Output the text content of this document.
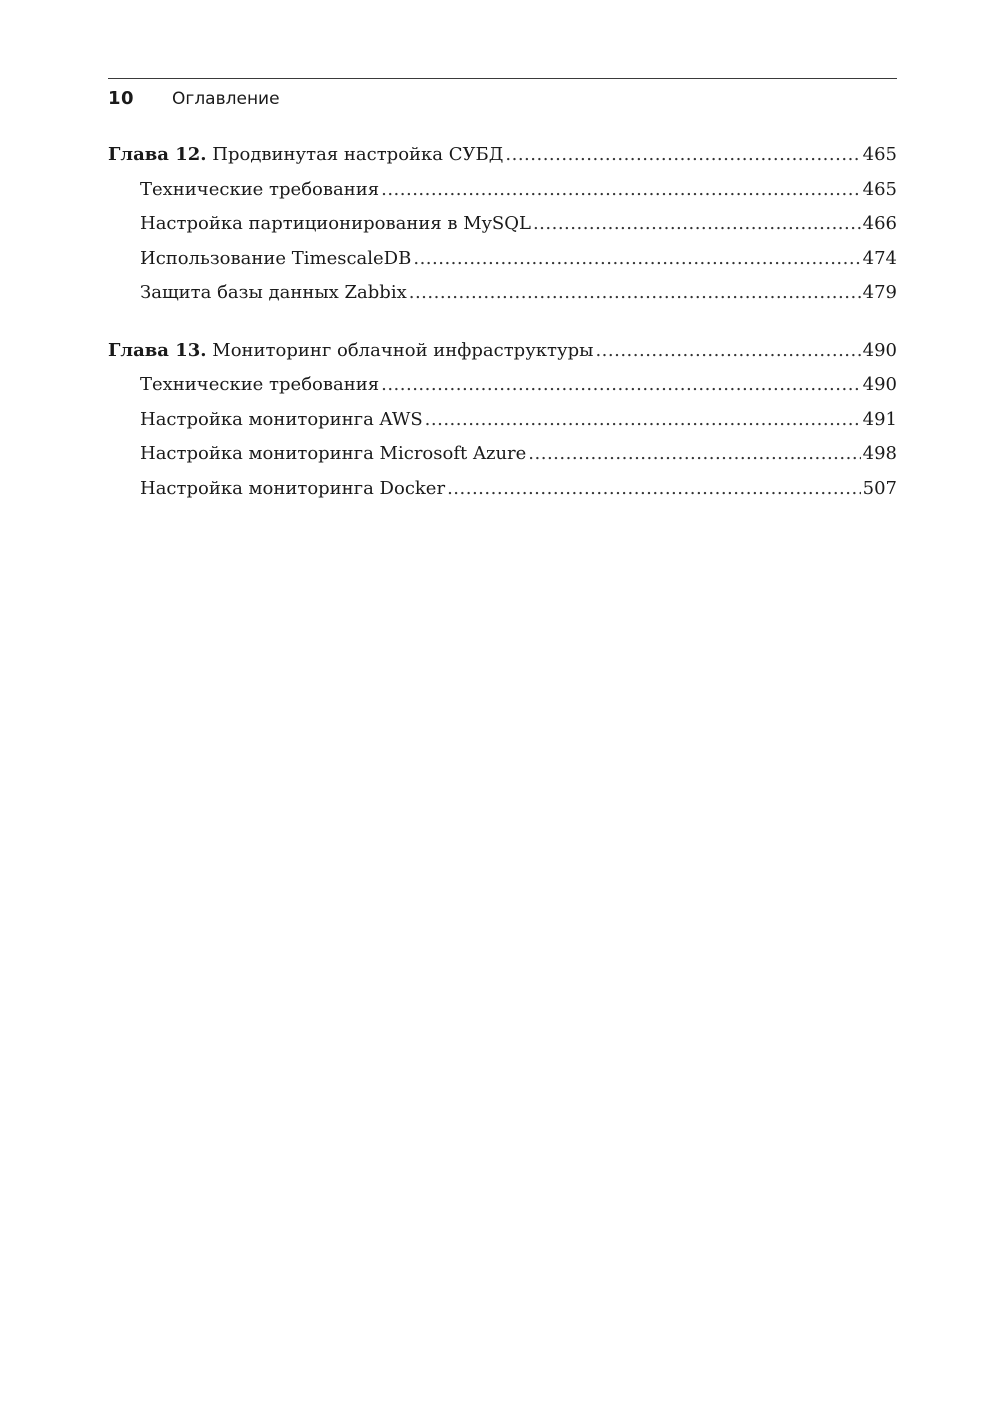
10 Оглавление
Глава 12. Продвинутая настройка СУБД .....	465
Технические требования .....	465
Настройка партиционирования в MySQL .....	466
Использование TimescaleDB .....	474
Защита базы данных Zabbix .....	479
Глава 13. Мониторинг облачной инфраструктуры .....	490
Технические требования .....	490
Настройка мониторинга AWS .....	491
Настройка мониторинга Microsoft Azure .....	498
Настройка мониторинга Docker .....	507
